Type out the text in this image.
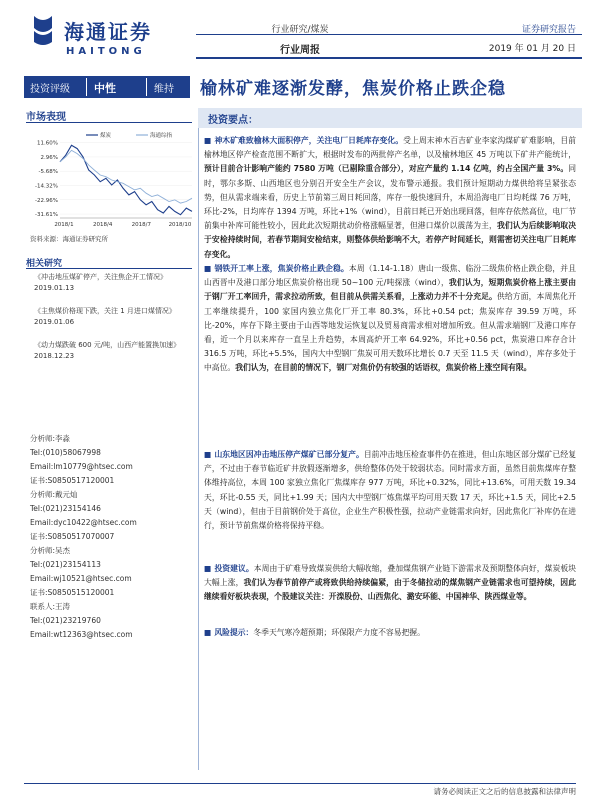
海通证券
HAITONG
行业研究/煤炭
行业周报
证券研究报告
2019 年 01 月 20 日
投资评级 中性	维持 榆林矿难逐渐发酵，焦炭价格止跌企稳
市场表现
11.60%
2.96%
-5.68%
-14.32%
-22.96%
-31.61%
2018/1	2018/4	2018/7	2018/10
煤炭	海通综指
资料来源：海通证券研究所
相关研究
《冲击地压煤矿停产，关注焦企开工情况》
2019.01.13
《主焦煤价格现下跌，关注 1 月进口煤情况》
2019.01.06
《动力煤跌破 600 元/吨，山西产能置换加速》
2018.12.23
分析师:李淼
Tel:(010)58067998
Email:lm10779@htsec.com
证书:S0850517120001
分析师:戴元灿
Tel:(021)23154146
Email:dyc10422@htsec.com
证书:S0850517070007
分析师:吴杰
Tel:(021)23154113
Email:wj10521@htsec.com
证书:S0850515120001
联系人:王涛
Tel:(021)23219760
Email:wt12363@htsec.com
投资要点：
■ 神木矿难致榆林大面积停产，关注电厂日耗库存变化。受上周末神木百吉矿业李家沟煤矿矿难影响，目前榆林地区停产检查范围不断扩大，根据时发布的两批停产名单，以及榆林地区 45 万吨以下矿井产能统计，预计目前合计影响产能约 7580 万吨（已剔除重合部分），对应产量约 1.14 亿吨，约占全国产量 3%。同时，鄂尔多斯、山西地区也分别召开安全生产会议，发布警示通报。我们预计短期动力煤供给将呈紧张态势，但从需求端来看，历史上节前第三周日耗回落，库存一般快速回升，本周沿海电厂日均耗煤 76 万吨，环比-2%，日均库存 1394 万吨，环比+1%（wind），目前日耗已开始出现回落，但库存依然高位，电厂节前集中补库可能性较小，因此此次短期扰动价格涨幅显著，但港口煤价以震荡为主，我们认为后续影响取决于安检持续时间，若春节期间安检结束，则整体供给影响不大，若停产时间延长，则需密切关注电厂日耗库存变化。
■ 钢铁开工率上涨，焦炭价格止跌企稳。本周（1.14-1.18）唐山一级焦、临汾二级焦价格止跌企稳，并且山西晋中及港口部分地区焦炭价格出现 50~100 元/吨探涨（wind），我们认为，短期焦炭价格上涨主要由于钢厂开工率回升，需求拉动所致，但目前从供需关系看，上涨动力并不十分充足。供给方面，本周焦化开工率继续提升，100 家国内独立焦化厂开工率 80.3%，环比+0.54 pct；焦炭库存 39.59 万吨，环比-20%，库存下降主要由于山西等地发运恢复以及贸易商需求相对增加所致。但从需求端钢厂及港口库存看，近一个月以来库存一直呈上升趋势，本周高炉开工率 64.92%，环比+0.56 pct，焦炭港口库存合计 316.5 万吨，环比+5.5%，国内大中型钢厂焦炭可用天数环比增长 0.7 天至 11.5 天（wind），库存多处于中高位。我们认为，在目前的情况下，钢厂对焦价仍有较强的话语权，焦炭价格上涨空间有限。
■ 山东地区因冲击地压停产煤矿已部分复产。目前冲击地压检查事件仍在推进，但山东地区部分煤矿已经复产，不过由于春节临近矿井放假逐渐增多，供给整体仍处于较弱状态。同时需求方面，虽然目前焦煤库存整体维持高位，本周 100 家独立焦化厂焦煤库存 977 万吨，环比+0.32%，同比+13.6%，可用天数 19.34 天，环比-0.55 天，同比+1.99 天；国内大中型钢厂炼焦煤平均可用天数 17 天，环比+1.5 天，同比+2.5 天（wind），但由于目前钢价处于高位，企业生产积极性强，拉动产业链需求向好，因此焦化厂补库仍在进行，预计节前焦煤价格将保持平稳。
■ 投资建议。本周由于矿难导致煤炭供给大幅收缩，叠加煤焦钢产业链下游需求及预期整体向好，煤炭板块大幅上涨，我们认为春节前停产或将致供给持续偏紧，由于冬储拉动的煤焦钢产业链需求也可望持续，因此继续看好板块表现，个股建议关注：开滦股份、山西焦化、潞安环能、中国神华、陕西煤业等。
■ 风险提示：冬季天气寒冷超预期；环保限产力度不容易把握。
请务必阅读正文之后的信息披露和法律声明
